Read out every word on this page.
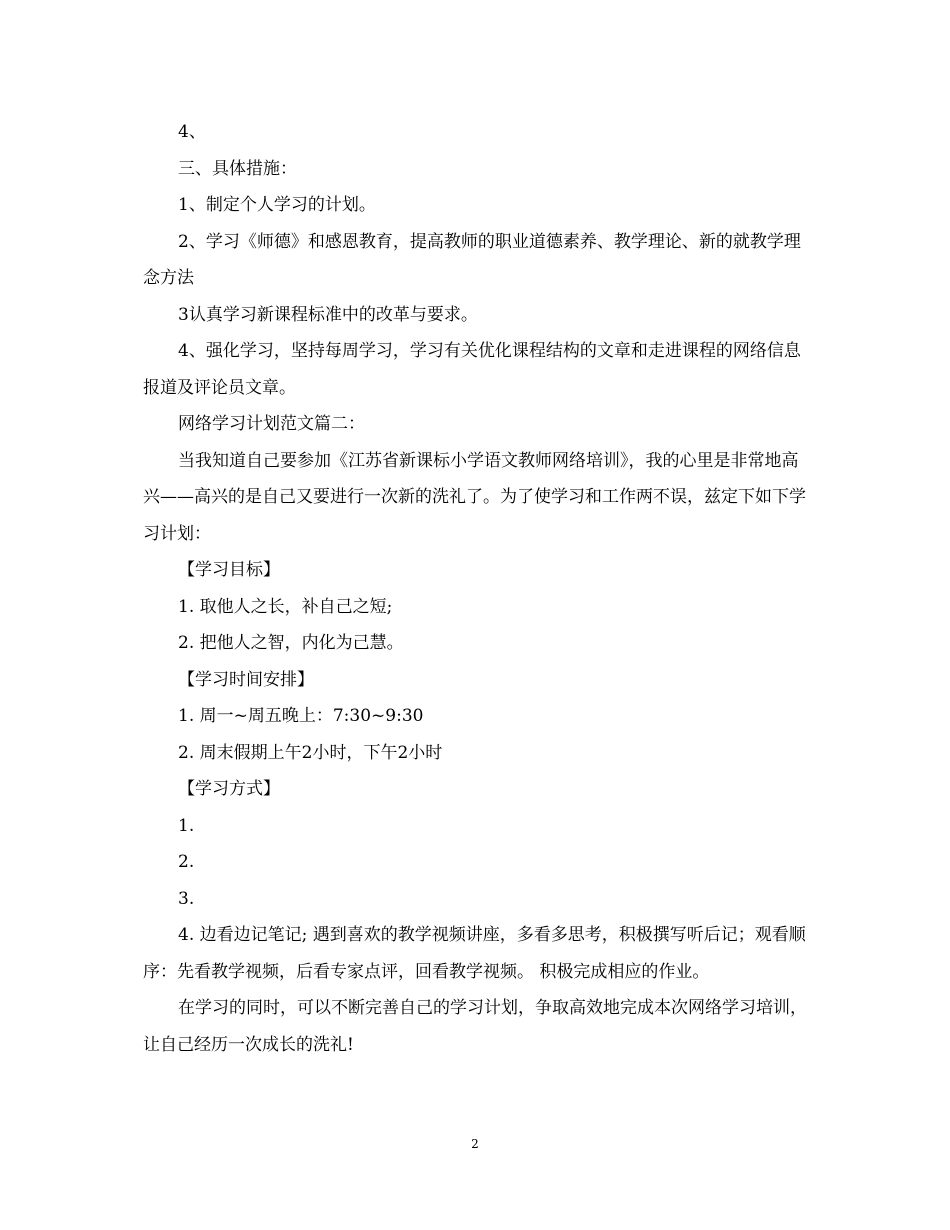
4、

三、具体措施：

1、制定个人学习的计划。

2、学习《师德》和感恩教育，提高教师的职业道德素养、教学理论、新的就教学理念方法

3认真学习新课程标准中的改革与要求。

4、强化学习，坚持每周学习，学习有关优化课程结构的文章和走进课程的网络信息报道及评论员文章。

网络学习计划范文篇二：

当我知道自己要参加《江苏省新课标小学语文教师网络培训》，我的心里是非常地高兴——高兴的是自己又要进行一次新的洗礼了。为了使学习和工作两不误，兹定下如下学习计划：

【学习目标】

1. 取他人之长，补自己之短;

2. 把他人之智，内化为己慧。

【学习时间安排】

1. 周一~周五晚上：7:30~9:30

2. 周末假期上午2小时，下午2小时

【学习方式】

1.

2.

3.

4. 边看边记笔记; 遇到喜欢的教学视频讲座，多看多思考，积极撰写听后记；观看顺序：先看教学视频，后看专家点评，回看教学视频。 积极完成相应的作业。

在学习的同时，可以不断完善自己的学习计划，争取高效地完成本次网络学习培训，让自己经历一次成长的洗礼!

2
